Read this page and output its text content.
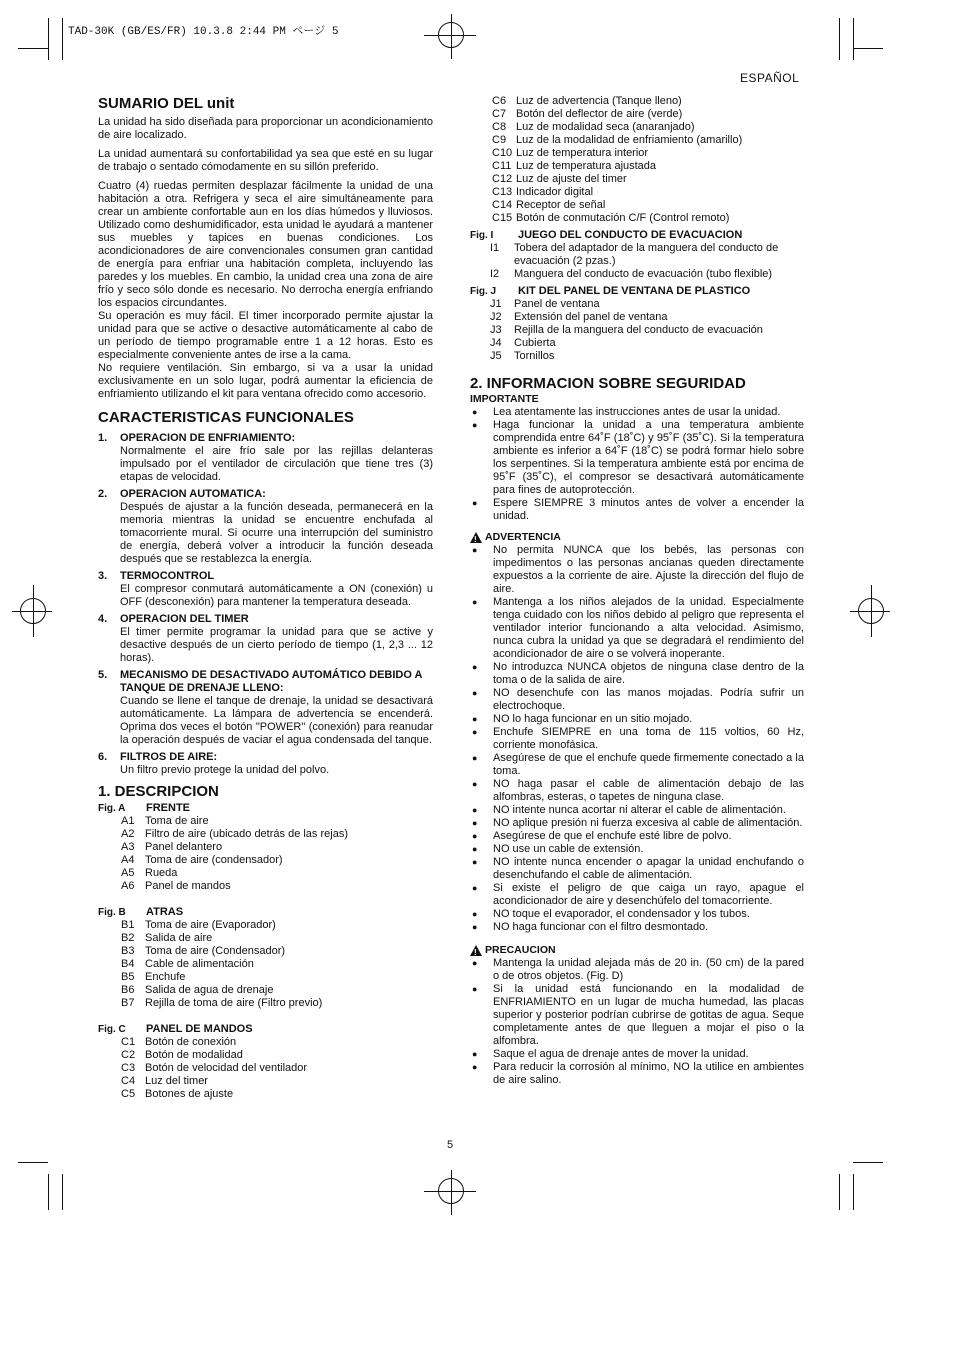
TAD-30K (GB/ES/FR) 10.3.8 2:44 PM ページ 5
ESPAÑOL
5
SUMARIO DEL unit

La unidad ha sido diseñada para proporcionar un acondicionamiento de aire localizado.

La unidad aumentará su confortabilidad ya sea que esté en su lugar de trabajo o sentado cómodamente en su sillón preferido.

Cuatro (4) ruedas permiten desplazar fácilmente la unidad de una habitación a otra. Refrigera y seca el aire simultáneamente para crear un ambiente confortable aun en los días húmedos y lluviosos. Utilizado como deshumidificador, esta unidad le ayudará a mantener sus muebles y tapices en buenas condiciones. Los acondicionadores de aire convencionales consumen gran cantidad de energía para enfriar una habitación completa, incluyendo las paredes y los muebles. En cambio, la unidad crea una zona de aire frío y seco sólo donde es necesario. No derrocha energía enfriando los espacios circundantes.

Su operación es muy fácil. El timer incorporado permite ajustar la unidad para que se active o desactive automáticamente al cabo de un período de tiempo programable entre 1 a 12 horas. Esto es especialmente conveniente antes de irse a la cama.

No requiere ventilación. Sin embargo, si va a usar la unidad exclusivamente en un solo lugar, podrá aumentar la eficiencia de enfriamiento utilizando el kit para ventana ofrecido como accesorio.

CARACTERISTICAS FUNCIONALES
1.	OPERACION DE ENFRIAMIENTO:
Normalmente el aire frío sale por las rejillas delanteras impulsado por el ventilador de circulación que tiene tres (3) etapas de velocidad.
2.	OPERACION AUTOMATICA:
Después de ajustar a la función deseada, permanecerá en la memoria mientras la unidad se encuentre enchufada al tomacorriente mural. Si ocurre una interrupción del suministro de energía, deberá volver a introducir la función deseada después que se restablezca la energía.
3.	TERMOCONTROL
El compresor conmutará automáticamente a ON (conexión) u OFF (desconexión) para mantener la temperatura deseada.
4.	OPERACION DEL TIMER
El timer permite programar la unidad para que se active y desactive después de un cierto período de tiempo (1, 2,3 ... 12 horas).
5.	MECANISMO DE DESACTIVADO AUTOMÁTICO DEBIDO A TANQUE DE DRENAJE LLENO:
Cuando se llene el tanque de drenaje, la unidad se desactivará automáticamente. La lámpara de advertencia se encenderá. Oprima dos veces el botón "POWER" (conexión) para reanudar la operación después de vaciar el agua condensada del tanque.
6.	FILTROS DE AIRE:
Un filtro previo protege la unidad del polvo.
1. DESCRIPCION
Fig. A FRENTE
A1 Toma de aire
A2 Filtro de aire (ubicado detrás de las rejas)
A3 Panel delantero
A4 Toma de aire (condensador)
A5 Rueda
A6 Panel de mandos
Fig. B ATRAS
B1 Toma de aire (Evaporador)
B2 Salida de aire
B3 Toma de aire (Condensador)
B4 Cable de alimentación
B5 Enchufe
B6 Salida de agua de drenaje
B7 Rejilla de toma de aire (Filtro previo)
Fig. C PANEL DE MANDOS
C1 Botón de conexión
C2 Botón de modalidad
C3 Botón de velocidad del ventilador
C4 Luz del timer
C5 Botones de ajuste
C6 Luz de advertencia (Tanque lleno)
C7 Botón del deflector de aire (verde)
C8 Luz de modalidad seca (anaranjado)
C9 Luz de la modalidad de enfriamiento (amarillo)
C10 Luz de temperatura interior
C11 Luz de temperatura ajustada
C12 Luz de ajuste del timer
C13 Indicador digital
C14 Receptor de señal
C15 Botón de conmutación C/F (Control remoto)
Fig. I JUEGO DEL CONDUCTO DE EVACUACION
I1	Tobera del adaptador de la manguera del conducto de evacuación (2 pzas.)
I2	Manguera del conducto de evacuación (tubo flexible)
Fig. J KIT DEL PANEL DE VENTANA DE PLASTICO
J1	Panel de ventana
J2	Extensión del panel de ventana
J3	Rejilla de la manguera del conducto de evacuación
J4	Cubierta
J5	Tornillos
2. INFORMACION SOBRE SEGURIDAD
IMPORTANTE
●	Lea atentamente las instrucciones antes de usar la unidad.
●	Haga funcionar la unidad a una temperatura ambiente comprendida entre 64˚F (18˚C) y 95˚F (35˚C). Si la temperatura ambiente es inferior a 64˚F (18˚C) se podrá formar hielo sobre los serpentines. Si la temperatura ambiente está por encima de 95˚F (35˚C), el compresor se desactivará automáticamente para fines de autoprotección.
●	Espere SIEMPRE 3 minutos antes de volver a encender la unidad.
!
ADVERTENCIA
●	No permita NUNCA que los bebés, las personas con impedimentos o las personas ancianas queden directamente expuestos a la corriente de aire. Ajuste la dirección del flujo de aire.
●	Mantenga a los niños alejados de la unidad. Especialmente tenga cuidado con los niños debido al peligro que representa el ventilador interior funcionando a alta velocidad. Asimismo, nunca cubra la unidad ya que se degradará el rendimiento del acondicionador de aire o se volverá inoperante.
●	No introduzca NUNCA objetos de ninguna clase dentro de la toma o de la salida de aire.
●	NO desenchufe con las manos mojadas. Podría sufrir un electrochoque.
●	NO lo haga funcionar en un sitio mojado.
●	Enchufe SIEMPRE en una toma de 115 voltios, 60 Hz, corriente monofásica.
●	Asegúrese de que el enchufe quede firmemente conectado a la toma.
●	NO haga pasar el cable de alimentación debajo de las alfombras, esteras, o tapetes de ninguna clase.
●	NO intente nunca acortar ni alterar el cable de alimentación.
●	NO aplique presión ni fuerza excesiva al cable de alimentación.
●	Asegúrese de que el enchufe esté libre de polvo.
●	NO use un cable de extensión.
●	NO intente nunca encender o apagar la unidad enchufando o desenchufando el cable de alimentación.
●	Si existe el peligro de que caiga un rayo, apague el acondicionador de aire y desenchúfelo del tomacorriente.
●	NO toque el evaporador, el condensador y los tubos.
●	NO haga funcionar con el filtro desmontado.
!
PRECAUCION
●	Mantenga la unidad alejada más de 20 in. (50 cm) de la pared o de otros objetos. (Fig. D)
●	Si la unidad está funcionando en la modalidad de ENFRIAMIENTO en un lugar de mucha humedad, las placas superior y posterior podrían cubrirse de gotitas de agua. Seque completamente antes de que lleguen a mojar el piso o la alfombra.
●	Saque el agua de drenaje antes de mover la unidad.
●	Para reducir la corrosión al mínimo, NO la utilice en ambientes de aire salino.
